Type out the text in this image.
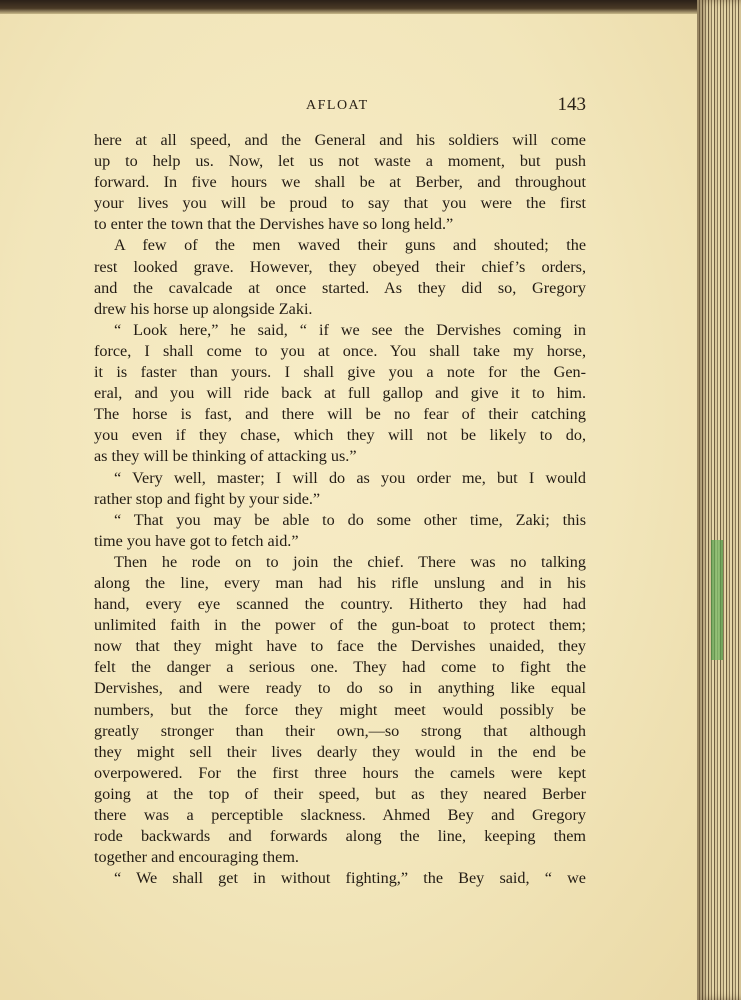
AFLOAT	143
here at all speed, and the General and his soldiers will come
up to help us. Now, let us not waste a moment, but push
forward. In five hours we shall be at Berber, and throughout
your lives you will be proud to say that you were the first
to enter the town that the Dervishes have so long held.”
A few of the men waved their guns and shouted; the
rest looked grave. However, they obeyed their chief’s orders,
and the cavalcade at once started. As they did so, Gregory
drew his horse up alongside Zaki.
“ Look here,” he said, “ if we see the Dervishes coming in
force, I shall come to you at once. You shall take my horse,
it is faster than yours. I shall give you a note for the Gen-
eral, and you will ride back at full gallop and give it to him.
The horse is fast, and there will be no fear of their catching
you even if they chase, which they will not be likely to do,
as they will be thinking of attacking us.”
“ Very well, master; I will do as you order me, but I would
rather stop and fight by your side.”
“ That you may be able to do some other time, Zaki; this
time you have got to fetch aid.”
Then he rode on to join the chief. There was no talking
along the line, every man had his rifle unslung and in his
hand, every eye scanned the country. Hitherto they had had
unlimited faith in the power of the gun-boat to protect them;
now that they might have to face the Dervishes unaided, they
felt the danger a serious one. They had come to fight the
Dervishes, and were ready to do so in anything like equal
numbers, but the force they might meet would possibly be
greatly stronger than their own,—so strong that although
they might sell their lives dearly they would in the end be
overpowered. For the first three hours the camels were kept
going at the top of their speed, but as they neared Berber
there was a perceptible slackness. Ahmed Bey and Gregory
rode backwards and forwards along the line, keeping them
together and encouraging them.
“ We shall get in without fighting,” the Bey said, “ we
